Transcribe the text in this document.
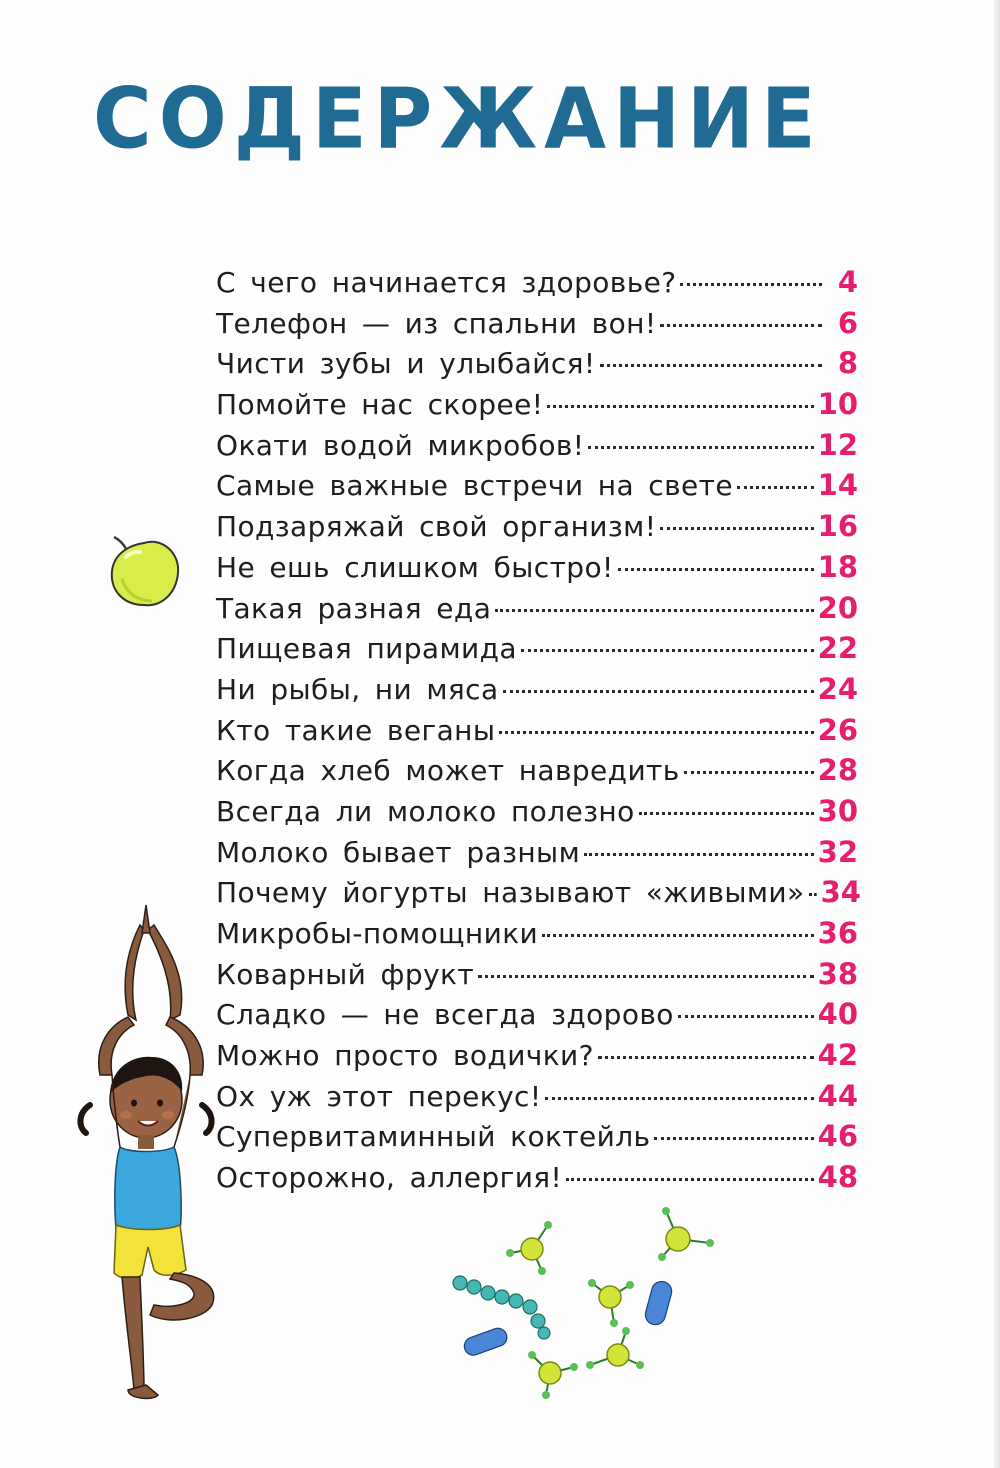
СОДЕРЖАНИЕ
С чего начинается здоровье?	4
Телефон — из спальни вон!	6
Чисти зубы и улыбайся!	8
Помойте нас скорее!	10
Окати водой микробов!	12
Самые важные встречи на свете	14
Подзаряжай свой организм!	16
Не ешь слишком быстро!	18
Такая разная еда	20
Пищевая пирамида	22
Ни рыбы, ни мяса	24
Кто такие веганы	26
Когда хлеб может навредить	28
Всегда ли молоко полезно	30
Молоко бывает разным	32
Почему йогурты называют «живыми» 34
Микробы-помощники	36
Коварный фрукт	38
Сладко — не всегда здорово	40
Можно просто водички?	42
Ох уж этот перекус!	44
Супервитаминный коктейль	46
Осторожно, аллергия!	48
